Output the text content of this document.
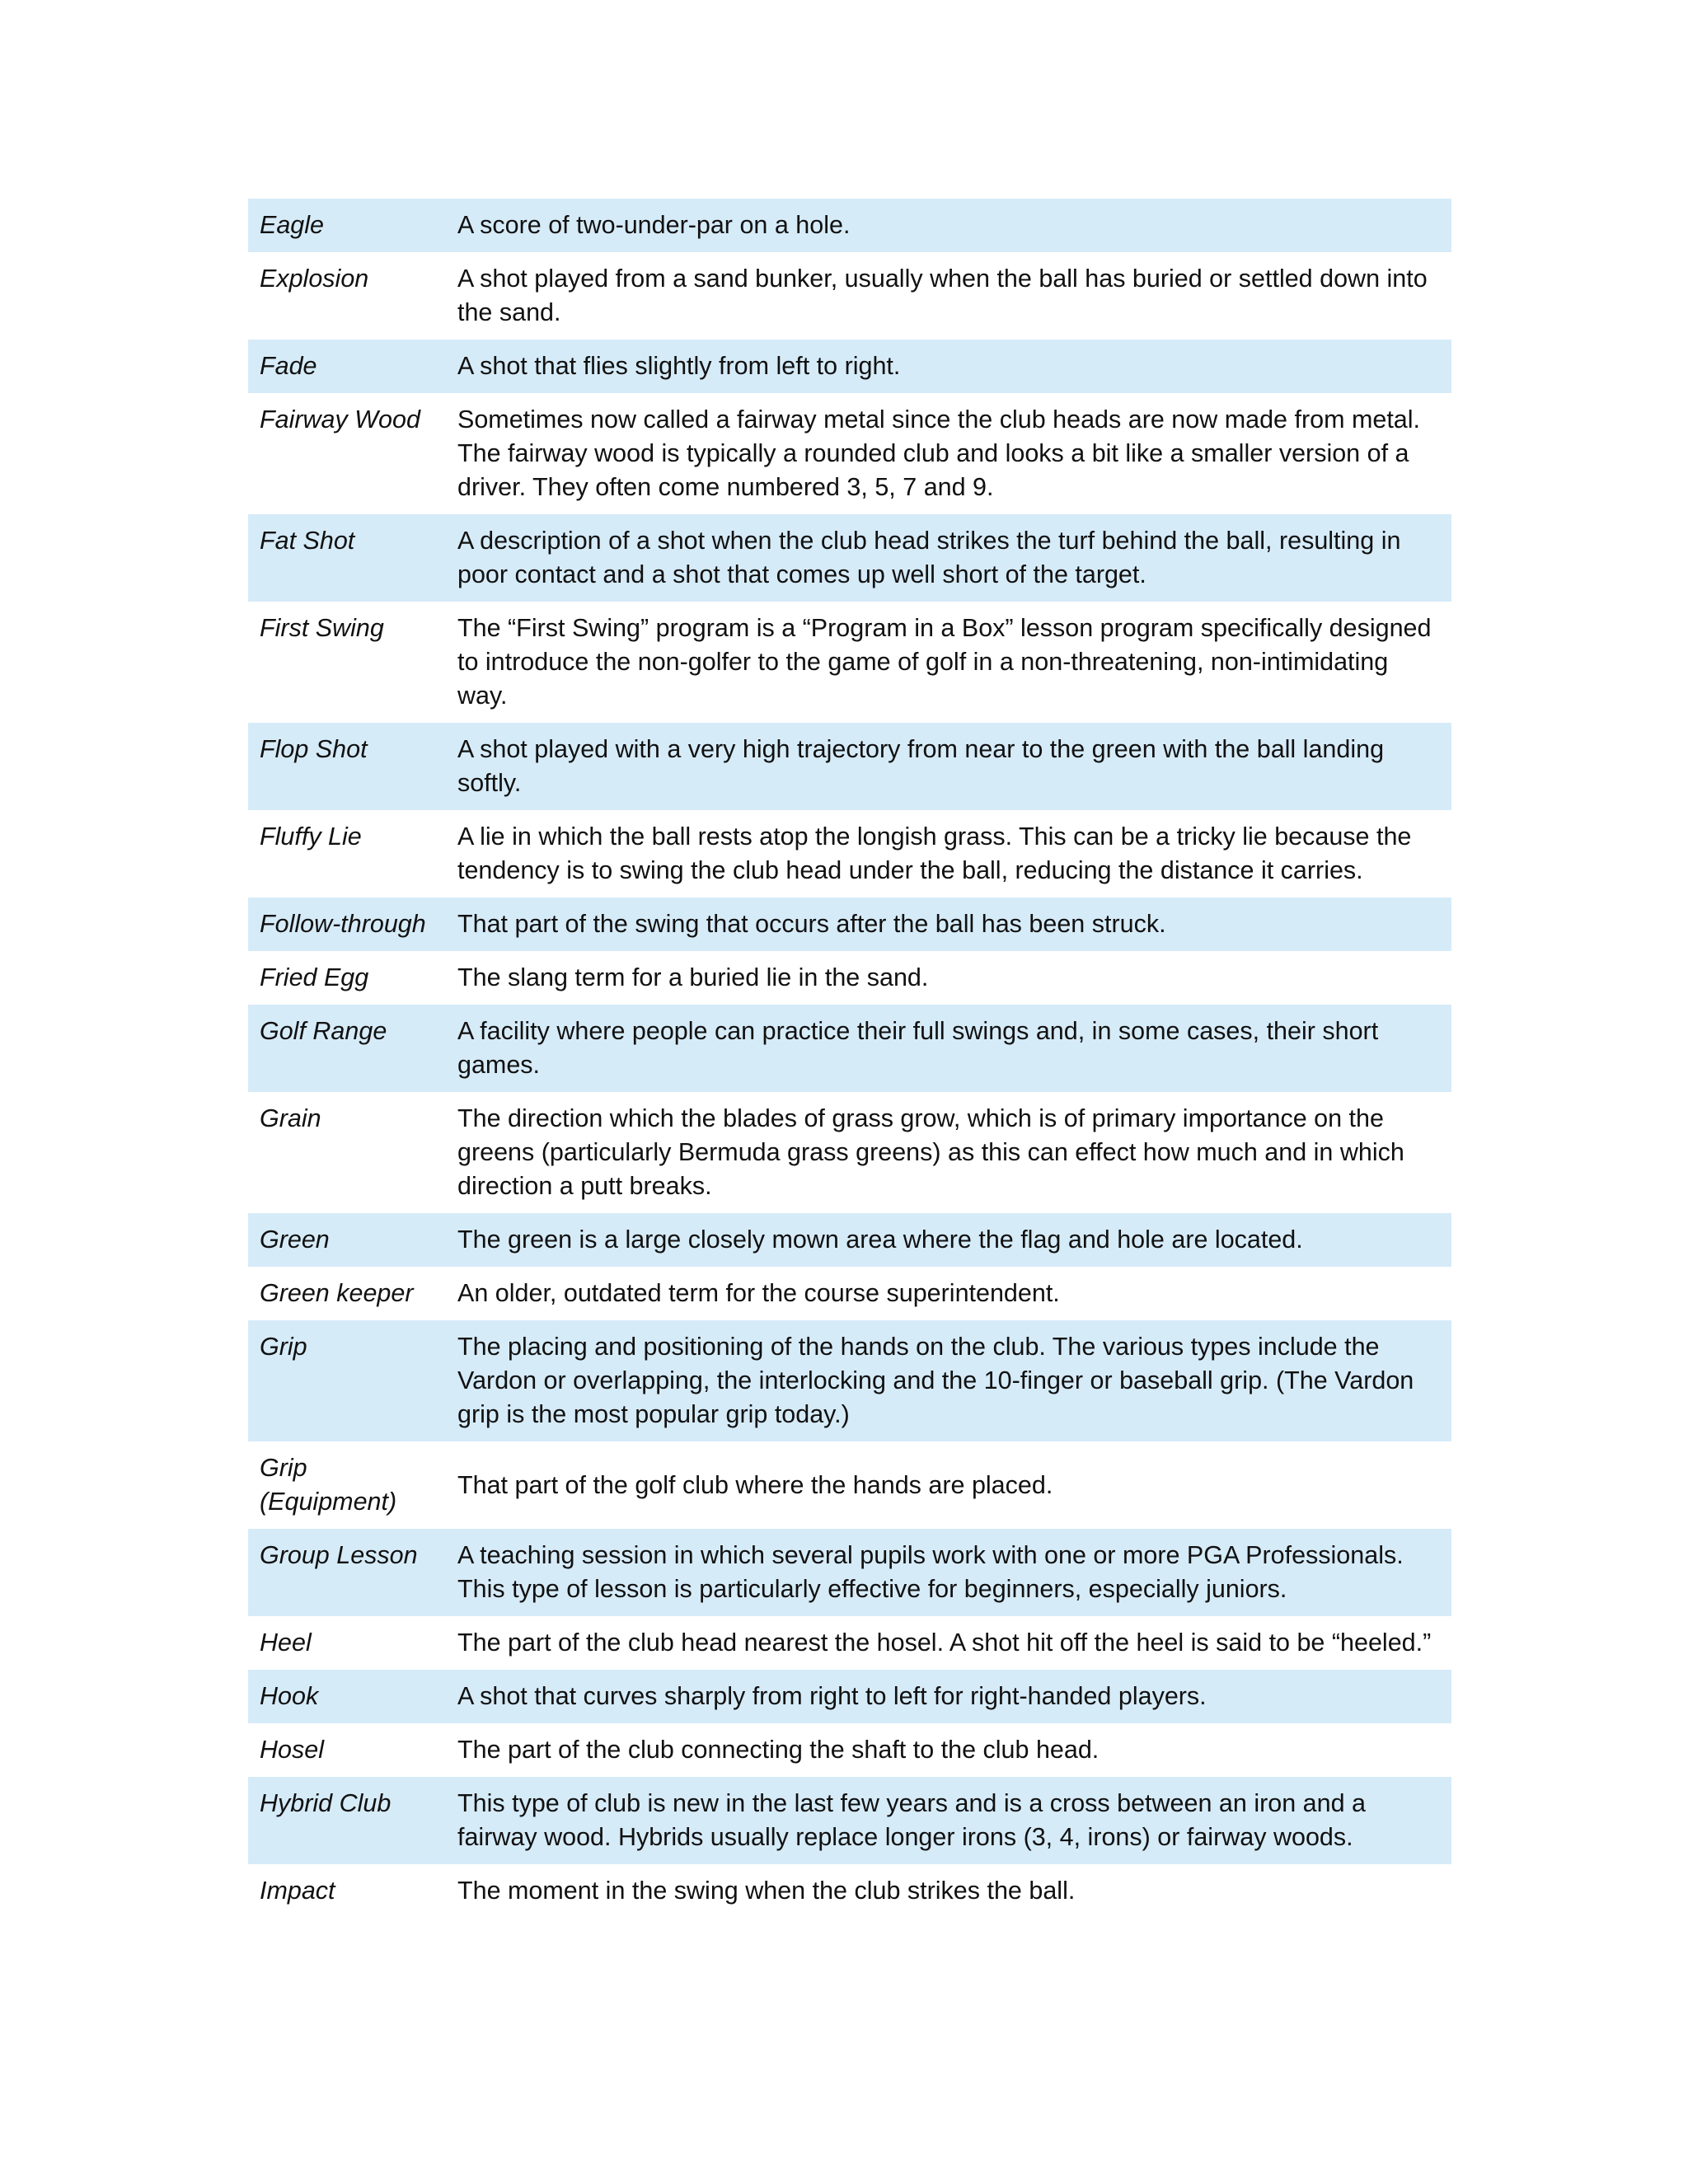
Eagle	A score of two-under-par on a hole.
Explosion	A shot played from a sand bunker, usually when the ball has buried or settled down into the sand.
Fade	A shot that flies slightly from left to right.
Fairway Wood	Sometimes now called a fairway metal since the club heads are now made from metal. The fairway wood is typically a rounded club and looks a bit like a smaller version of a driver. They often come numbered 3, 5, 7 and 9.
Fat Shot	A description of a shot when the club head strikes the turf behind the ball, resulting in poor contact and a shot that comes up well short of the target.
First Swing	The “First Swing” program is a “Program in a Box” lesson program specifically designed to introduce the non-golfer to the game of golf in a non-threatening, non-intimidating way.
Flop Shot	A shot played with a very high trajectory from near to the green with the ball landing softly.
Fluffy Lie	A lie in which the ball rests atop the longish grass. This can be a tricky lie because the tendency is to swing the club head under the ball, reducing the distance it carries.
Follow-through	That part of the swing that occurs after the ball has been struck.
Fried Egg	The slang term for a buried lie in the sand.
Golf Range	A facility where people can practice their full swings and, in some cases, their short games.
Grain	The direction which the blades of grass grow, which is of primary importance on the greens (particularly Bermuda grass greens) as this can effect how much and in which direction a putt breaks.
Green	The green is a large closely mown area where the flag and hole are located.
Green keeper	An older, outdated term for the course superintendent.
Grip	The placing and positioning of the hands on the club. The various types include the Vardon or overlapping, the interlocking and the 10-finger or baseball grip. (The Vardon grip is the most popular grip today.)
Grip (Equipment)	That part of the golf club where the hands are placed.
Group Lesson	A teaching session in which several pupils work with one or more PGA Professionals. This type of lesson is particularly effective for beginners, especially juniors.
Heel	The part of the club head nearest the hosel. A shot hit off the heel is said to be “heeled.”
Hook	A shot that curves sharply from right to left for right-handed players.
Hosel	The part of the club connecting the shaft to the club head.
Hybrid Club	This type of club is new in the last few years and is a cross between an iron and a fairway wood. Hybrids usually replace longer irons (3, 4, irons) or fairway woods.
Impact	The moment in the swing when the club strikes the ball.
